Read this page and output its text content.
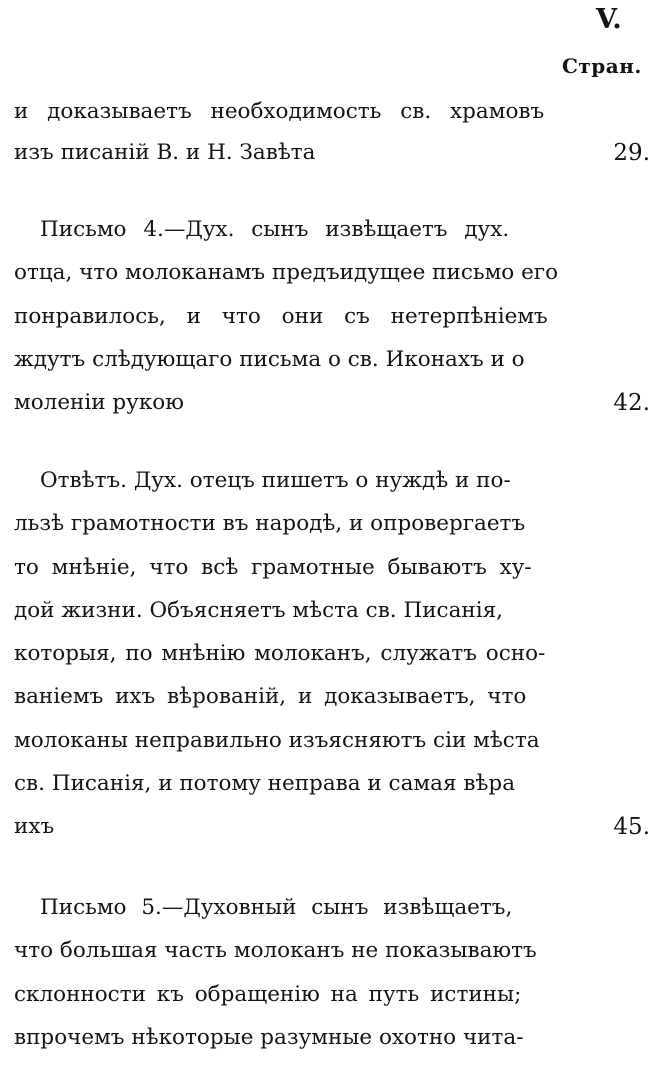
V.
Стран.
и доказываетъ необходимость св. храмовъ
изъ писаній В. и Н. Завѣта	29.
Письмо 4.—Дух. сынъ извѣщаетъ дух.
отца, что молоканамъ предъидущее письмо его
понравилось, и что они съ нетерпѣніемъ
ждутъ слѣдующаго письма о св. Иконахъ и о
моленіи рукою	42.
Отвѣтъ. Дух. отецъ пишетъ о нуждѣ и по-
льзѣ грамотности въ народѣ, и опровергаетъ
то мнѣніе, что всѣ грамотные бываютъ ху-
дой жизни. Объясняетъ мѣста св. Писанія,
которыя, по мнѣнію молоканъ, служатъ осно-
ваніемъ ихъ вѣрованій, и доказываетъ, что
молоканы неправильно изъясняютъ сіи мѣста
св. Писанія, и потому неправа и самая вѣра
ихъ	45.
Письмо 5.—Духовный сынъ извѣщаетъ,
что большая часть молоканъ не показываютъ
склонности къ обращенію на путь истины;
впрочемъ нѣкоторые разумные охотно чита-
